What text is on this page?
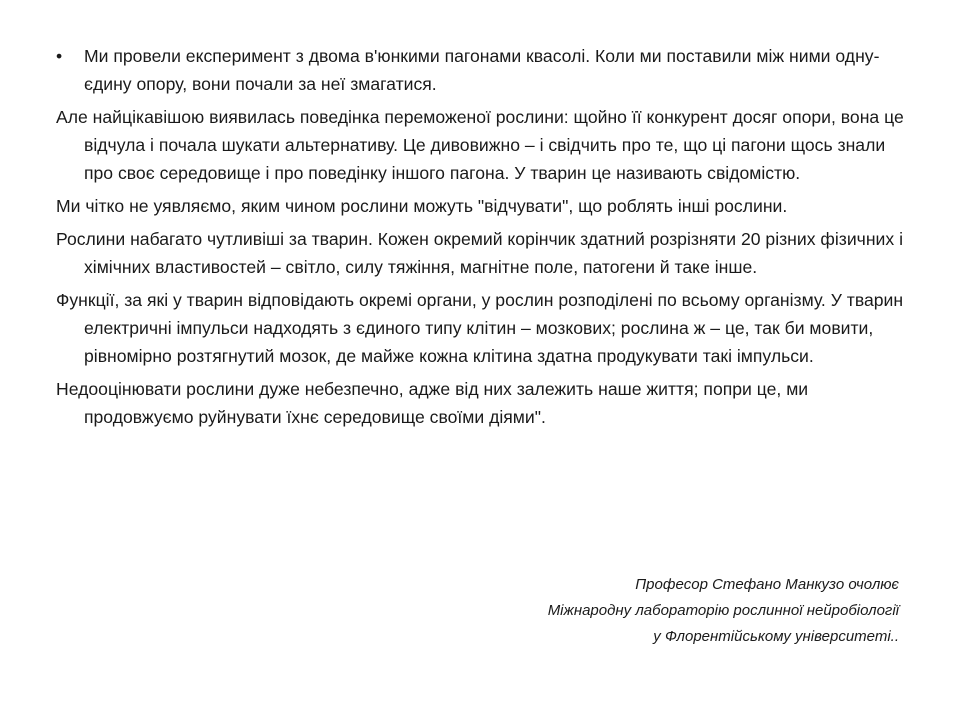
•	Ми провели експеримент з двома в'юнкими пагонами квасолі. Коли ми поставили між ними одну-єдину опору, вони почали за неї змагатися.

Але найцікавішою виявилась поведінка переможеної рослини: щойно її конкурент досяг опори, вона це відчула і почала шукати альтернативу. Це дивовижно – і свідчить про те, що ці пагони щось знали про своє середовище і про поведінку іншого пагона. У тварин це називають свідомістю.

Ми чітко не уявляємо, яким чином рослини можуть "відчувати", що роблять інші рослини.

Рослини набагато чутливіші за тварин. Кожен окремий корінчик здатний розрізняти 20 різних фізичних і хімічних властивостей – світло, силу тяжіння, магнітне поле, патогени й таке інше.

Функції, за які у тварин відповідають окремі органи, у рослин розподілені по всьому організму. У тварин електричні імпульси надходять з єдиного типу клітин – мозкових; рослина ж – це, так би мовити, рівномірно розтягнутий мозок, де майже кожна клітина здатна продукувати такі імпульси.

Недооцінювати рослини дуже небезпечно, адже від них залежить наше життя; попри це, ми продовжуємо руйнувати їхнє середовище своїми діями".

Професор Стефано Манкузо очолює
Міжнародну лабораторію рослинної нейробіології
у Флорентійському університеті..
